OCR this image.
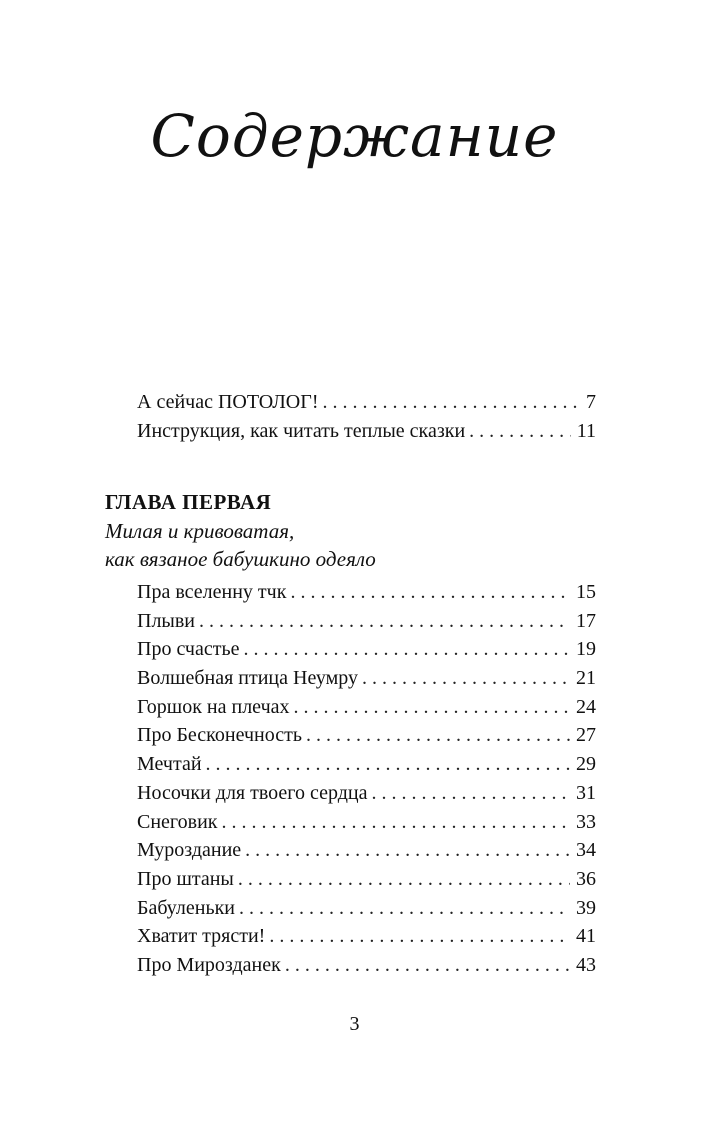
Содержание
А сейчас ПОТОЛОГ! . . .	7
Инструкция, как читать теплые сказки . . .	11
ГЛАВА ПЕРВАЯ
Милая и кривоватая,
как вязаное бабушкино одеяло
Пра вселенну тчк . . .	15
Плыви . . .	17
Про счастье . . .	19
Волшебная птица Неумру . . .	21
Горшок на плечах . . .	24
Про Бесконечность . . .	27
Мечтай . . .	29
Носочки для твоего сердца . . .	31
Снеговик . . .	33
Муроздание . . .	34
Про штаны . . .	36
Бабуленьки . . .	39
Хватит трясти! . . .	41
Про Мирозданек . . .	43
3
